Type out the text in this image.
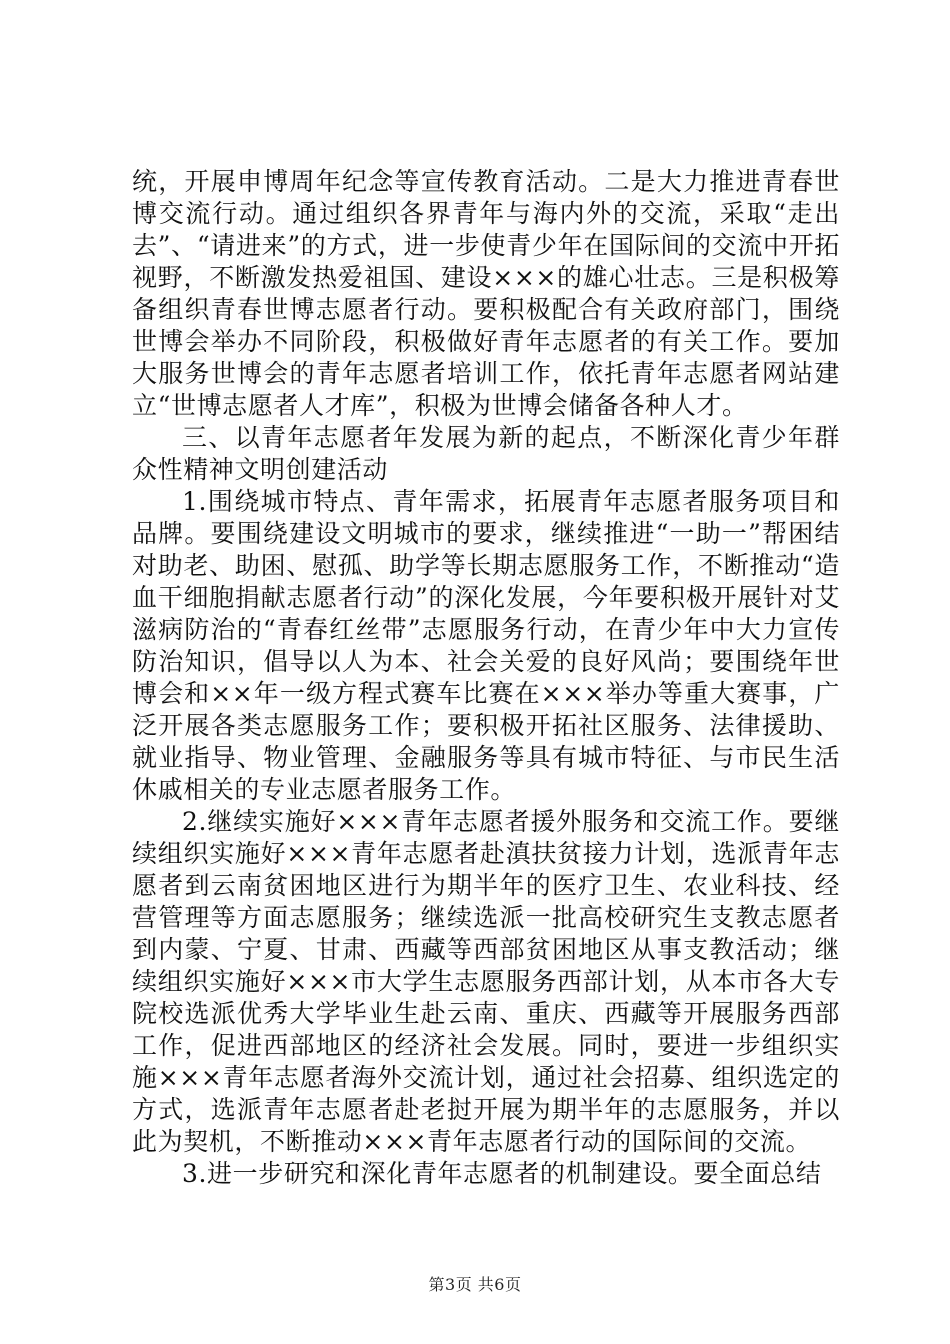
统，开展申博周年纪念等宣传教育活动。二是大力推进青春世博交流行动。通过组织各界青年与海内外的交流，采取“走出去”、“请进来”的方式，进一步使青少年在国际间的交流中开拓视野，不断激发热爱祖国、建设×××的雄心壮志。三是积极筹备组织青春世博志愿者行动。要积极配合有关政府部门，围绕世博会举办不同阶段，积极做好青年志愿者的有关工作。要加大服务世博会的青年志愿者培训工作，依托青年志愿者网站建立“世博志愿者人才库”，积极为世博会储备各种人才。

三、以青年志愿者年发展为新的起点，不断深化青少年群众性精神文明创建活动

1.围绕城市特点、青年需求，拓展青年志愿者服务项目和品牌。要围绕建设文明城市的要求，继续推进“一助一”帮困结对助老、助困、慰孤、助学等长期志愿服务工作，不断推动“造血干细胞捐献志愿者行动”的深化发展，今年要积极开展针对艾滋病防治的“青春红丝带”志愿服务行动，在青少年中大力宣传防治知识，倡导以人为本、社会关爱的良好风尚；要围绕年世博会和××年一级方程式赛车比赛在×××举办等重大赛事，广泛开展各类志愿服务工作；要积极开拓社区服务、法律援助、就业指导、物业管理、金融服务等具有城市特征、与市民生活休戚相关的专业志愿者服务工作。

2.继续实施好×××青年志愿者援外服务和交流工作。要继续组织实施好×××青年志愿者赴滇扶贫接力计划，选派青年志愿者到云南贫困地区进行为期半年的医疗卫生、农业科技、经营管理等方面志愿服务；继续选派一批高校研究生支教志愿者到内蒙、宁夏、甘肃、西藏等西部贫困地区从事支教活动；继续组织实施好×××市大学生志愿服务西部计划，从本市各大专院校选派优秀大学毕业生赴云南、重庆、西藏等开展服务西部工作，促进西部地区的经济社会发展。同时，要进一步组织实施×××青年志愿者海外交流计划，通过社会招募、组织选定的方式，选派青年志愿者赴老挝开展为期半年的志愿服务，并以此为契机，不断推动×××青年志愿者行动的国际间的交流。

3.进一步研究和深化青年志愿者的机制建设。要全面总结

第3页 共6页
